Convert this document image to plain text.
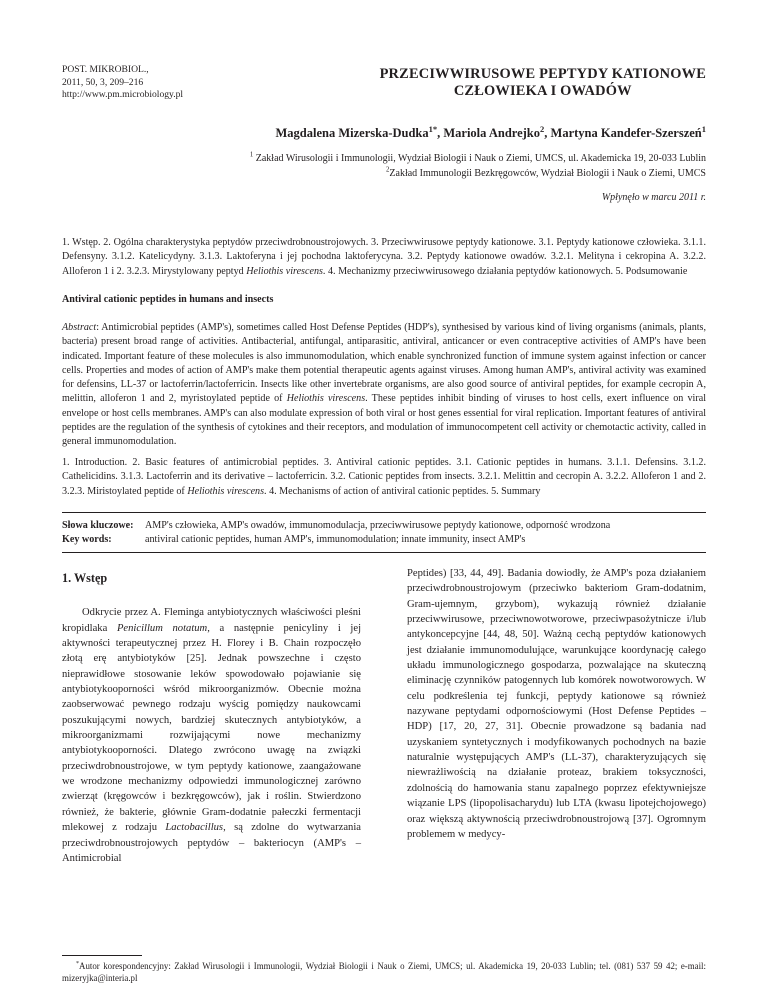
POST. MIKROBIOL.,
2011, 50, 3, 209–216
http://www.pm.microbiology.pl
PRZECIWWIRUSOWE PEPTYDY KATIONOWE
CZŁOWIEKA I OWADÓW
Magdalena Mizerska-Dudka$^{1*}$, Mariola Andrejko$^2$, Martyna Kandefer-Szerszeń$^1$
$^1$ Zakład Wirusologii i Immunologii, Wydział Biologii i Nauk o Ziemi, UMCS, ul. Akademicka 19, 20-033 Lublin
$^2$Zakład Immunologii Bezkręgowców, Wydział Biologii i Nauk o Ziemi, UMCS
Wpłynęło w marcu 2011 r.
1. Wstęp. 2. Ogólna charakterystyka peptydów przeciwdrobnoustrojowych. 3. Przeciwwirusowe peptydy kationowe. 3.1. Peptydy kationowe człowieka. 3.1.1. Defensyny. 3.1.2. Katelicydyny. 3.1.3. Laktoferyna i jej pochodna laktoferycyna. 3.2. Peptydy kationowe owadów. 3.2.1. Melityna i cekropina A. 3.2.2. Alloferon 1 i 2. 3.2.3. Mirystylowany peptyd Heliothis virescens. 4. Mechanizmy przeciwwirusowego działania peptydów kationowych. 5. Podsumowanie
Antiviral cationic peptides in humans and insects
Abstract: Antimicrobial peptides (AMP's), sometimes called Host Defense Peptides (HDP's), synthesised by various kind of living organisms (animals, plants, bacteria) present broad range of activities. Antibacterial, antifungal, antiparasitic, antiviral, anticancer or even contraceptive activities of AMP's have been indicated. Important feature of these molecules is also immunomodulation, which enable synchronized function of immune system against infection or cancer cells. Properties and modes of action of AMP's make them potential therapeutic agents against viruses. Among human AMP's, antiviral activity was examined for defensins, LL-37 or lactoferrin/lactoferricin. Insects like other invertebrate organisms, are also good source of antiviral peptides, for example cecropin A, melittin, alloferon 1 and 2, myristoylated peptide of Heliothis virescens. These peptides inhibit binding of viruses to host cells, exert influence on viral envelope or host cells membranes. AMP's can also modulate expression of both viral or host genes essential for viral replication. Important features of antiviral peptides are the regulation of the synthesis of cytokines and their receptors, and modulation of immunocompetent cell activity or chemotactic activity, called in general immunomodulation.
1. Introduction. 2. Basic features of antimicrobial peptides. 3. Antiviral cationic peptides. 3.1. Cationic peptides in humans. 3.1.1. Defensins. 3.1.2. Cathelicidins. 3.1.3. Lactoferrin and its derivative – lactoferricin. 3.2. Cationic peptides from insects. 3.2.1. Melittin and cecropin A. 3.2.2. Alloferon 1 and 2. 3.2.3. Miristoylated peptide of Heliothis virescens. 4. Mechanisms of action of antiviral cationic peptides. 5. Summary
Słowa kluczowe:	AMP's człowieka, AMP's owadów, immunomodulacja, przeciwwirusowe peptydy kationowe, odporność wrodzona
Key words:	antiviral cationic peptides, human AMP's, immunomodulation; innate immunity, insect AMP's
1. Wstęp

Odkrycie przez A. Fleminga antybiotycznych właściwości pleśni kropidlaka Penicillum notatum, a następnie penicyliny i jej aktywności terapeutycznej przez H. Florey i B. Chain rozpoczęło złotą erę antybiotyków [25]. Jednak powszechne i często nieprawidłowe stosowanie leków spowodowało pojawianie się antybiotykooporności wśród mikroorganizmów. Obecnie można zaobserwować pewnego rodzaju wyścig pomiędzy naukowcami poszukującymi nowych, bardziej skutecznych antybiotyków, a mikroorganizmami rozwijającymi nowe mechanizmy antybiotykooporności. Dlatego zwrócono uwagę na związki przeciwdrobnoustrojowe, w tym peptydy kationowe, zaangażowane we wrodzone mechanizmy odpowiedzi immunologicznej zarówno zwierząt (kręgowców i bezkręgowców), jak i roślin. Stwierdzono również, że bakterie, głównie Gram-dodatnie pałeczki fermentacji mlekowej z rodzaju Lactobacillus, są zdolne do wytwarzania przeciwdrobnoustrojowych peptydów – bakteriocyn (AMP's – Antimicrobial

Peptides) [33, 44, 49]. Badania dowiodły, że AMP's poza działaniem przeciwdrobnoustrojowym (przeciwko bakteriom Gram-dodatnim, Gram-ujemnym, grzybom), wykazują również działanie przeciwwirusowe, przeciwnowotworowe, przeciwpasożytnicze i/lub antykoncepcyjne [44, 48, 50]. Ważną cechą peptydów kationowych jest działanie immunomodulujące, warunkujące koordynację całego układu immunologicznego gospodarza, pozwalające na skuteczną eliminację czynników patogennych lub komórek nowotworowych. W celu podkreślenia tej funkcji, peptydy kationowe są również nazywane peptydami odpornościowymi (Host Defense Peptides – HDP) [17, 20, 27, 31]. Obecnie prowadzone są badania nad uzyskaniem syntetycznych i modyfikowanych pochodnych na bazie naturalnie występujących AMP's (LL-37), charakteryzujących się niewrażliwością na działanie proteaz, brakiem toksyczności, zdolnością do hamowania stanu zapalnego poprzez efektywniejsze wiązanie LPS (lipopolisacharydu) lub LTA (kwasu lipotejchojowego) oraz większą aktywnością przeciwdrobnoustrojową [37]. Ogromnym problemem w medycy-

*Autor korespondencyjny: Zakład Wirusologii i Immunologii, Wydział Biologii i Nauk o Ziemi, UMCS; ul. Akademicka 19, 20-033 Lublin; tel. (081) 537 59 42; e-mail: mizeryjka@interia.pl
